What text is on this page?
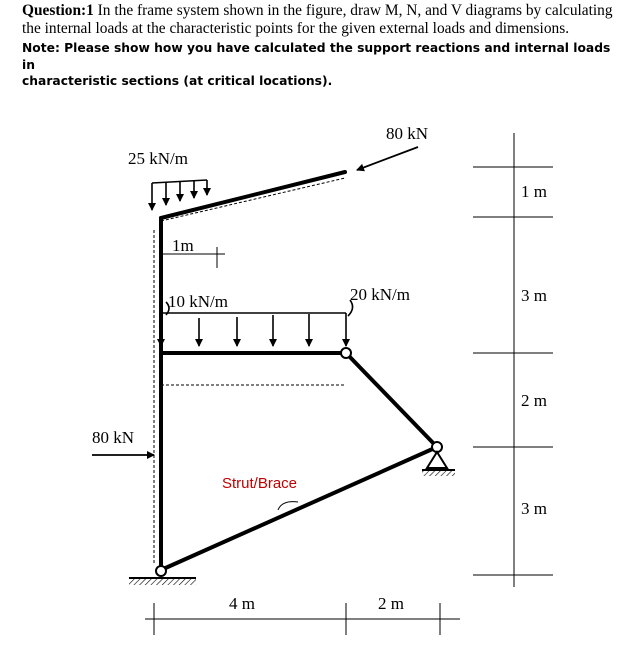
Question:1 In the frame system shown in the figure, draw M, N, and V diagrams by calculating
the internal loads at the characteristic points for the given external loads and dimensions.
Note: Please show how you have calculated the support reactions and internal loads in
characteristic sections (at critical locations).
25 kN/m
80 kN
1m
10 kN/m	20 kN/m
80 kN
Strut/Brace
4 m	2 m
1 m
3 m
2 m
3 m
